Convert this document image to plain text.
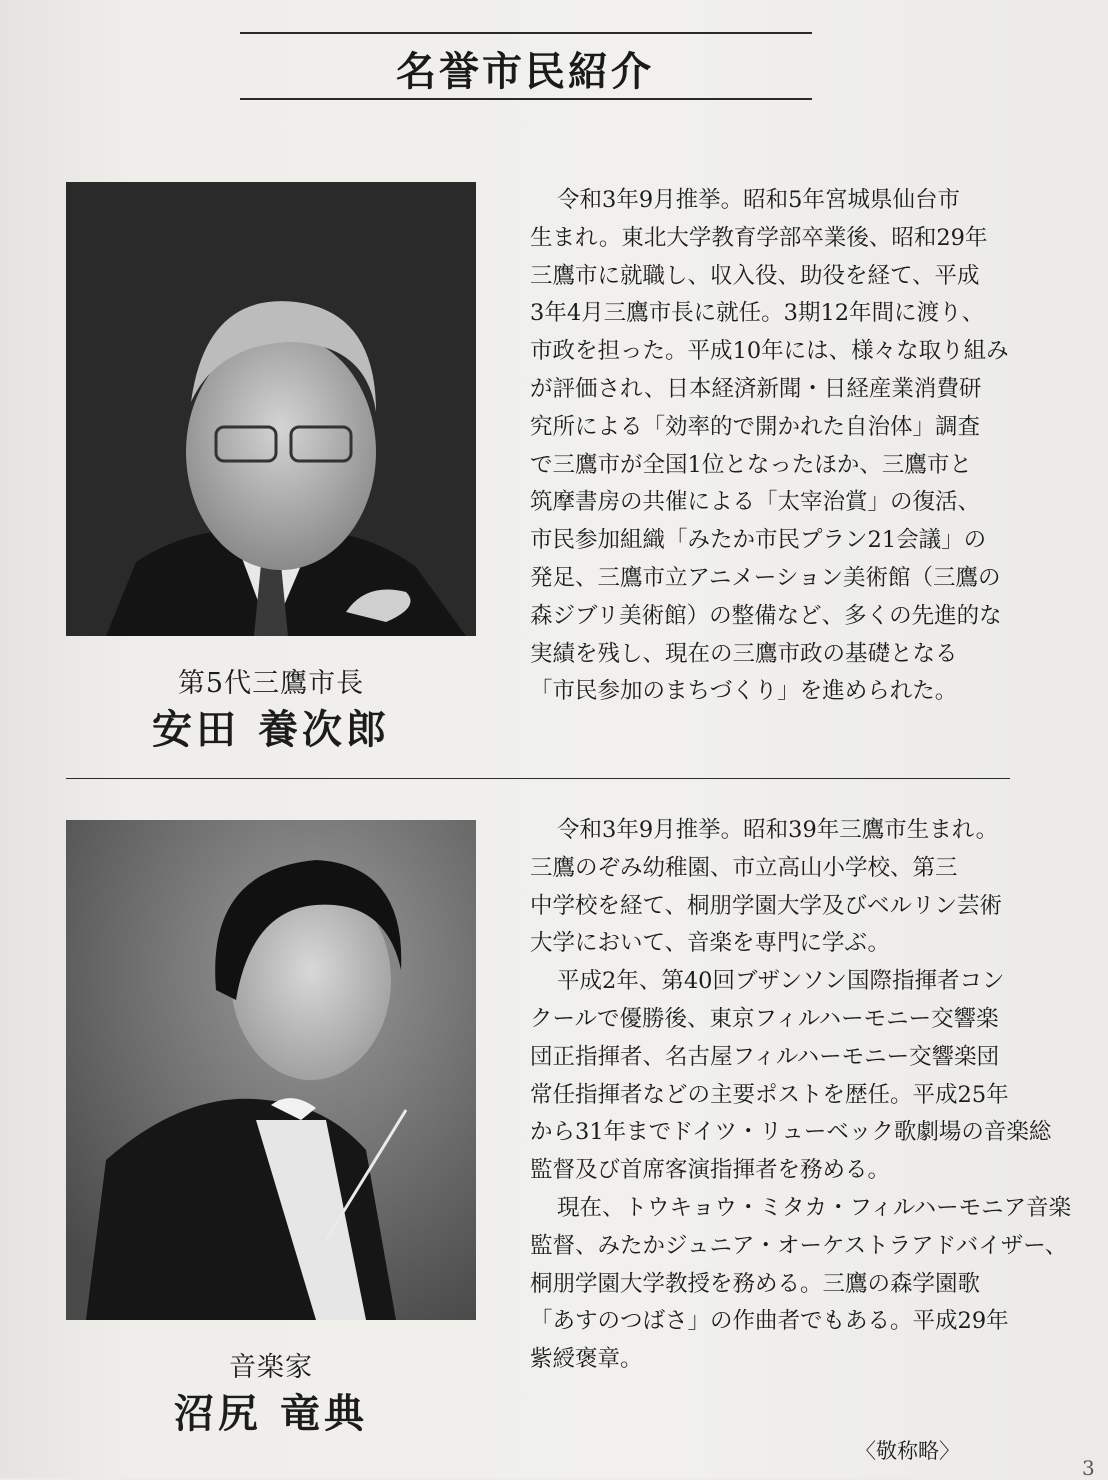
名誉市民紹介
第5代三鷹市長
安田 養次郎
令和3年9月推挙。昭和5年宮城県仙台市
生まれ。東北大学教育学部卒業後、昭和29年
三鷹市に就職し、収入役、助役を経て、平成
3年4月三鷹市長に就任。3期12年間に渡り、
市政を担った。平成10年には、様々な取り組み
が評価され、日本経済新聞・日経産業消費研
究所による「効率的で開かれた自治体」調査
で三鷹市が全国1位となったほか、三鷹市と
筑摩書房の共催による「太宰治賞」の復活、
市民参加組織「みたか市民プラン21会議」の
発足、三鷹市立アニメーション美術館（三鷹の
森ジブリ美術館）の整備など、多くの先進的な
実績を残し、現在の三鷹市政の基礎となる
「市民参加のまちづくり」を進められた。
音楽家
沼尻 竜典
令和3年9月推挙。昭和39年三鷹市生まれ。
三鷹のぞみ幼稚園、市立高山小学校、第三
中学校を経て、桐朋学園大学及びベルリン芸術
大学において、音楽を専門に学ぶ。
平成2年、第40回ブザンソン国際指揮者コン
クールで優勝後、東京フィルハーモニー交響楽
団正指揮者、名古屋フィルハーモニー交響楽団
常任指揮者などの主要ポストを歴任。平成25年
から31年までドイツ・リューベック歌劇場の音楽総
監督及び首席客演指揮者を務める。
現在、トウキョウ・ミタカ・フィルハーモニア音楽
監督、みたかジュニア・オーケストラアドバイザー、
桐朋学園大学教授を務める。三鷹の森学園歌
「あすのつばさ」の作曲者でもある。平成29年
紫綬褒章。
〈敬称略〉
3
